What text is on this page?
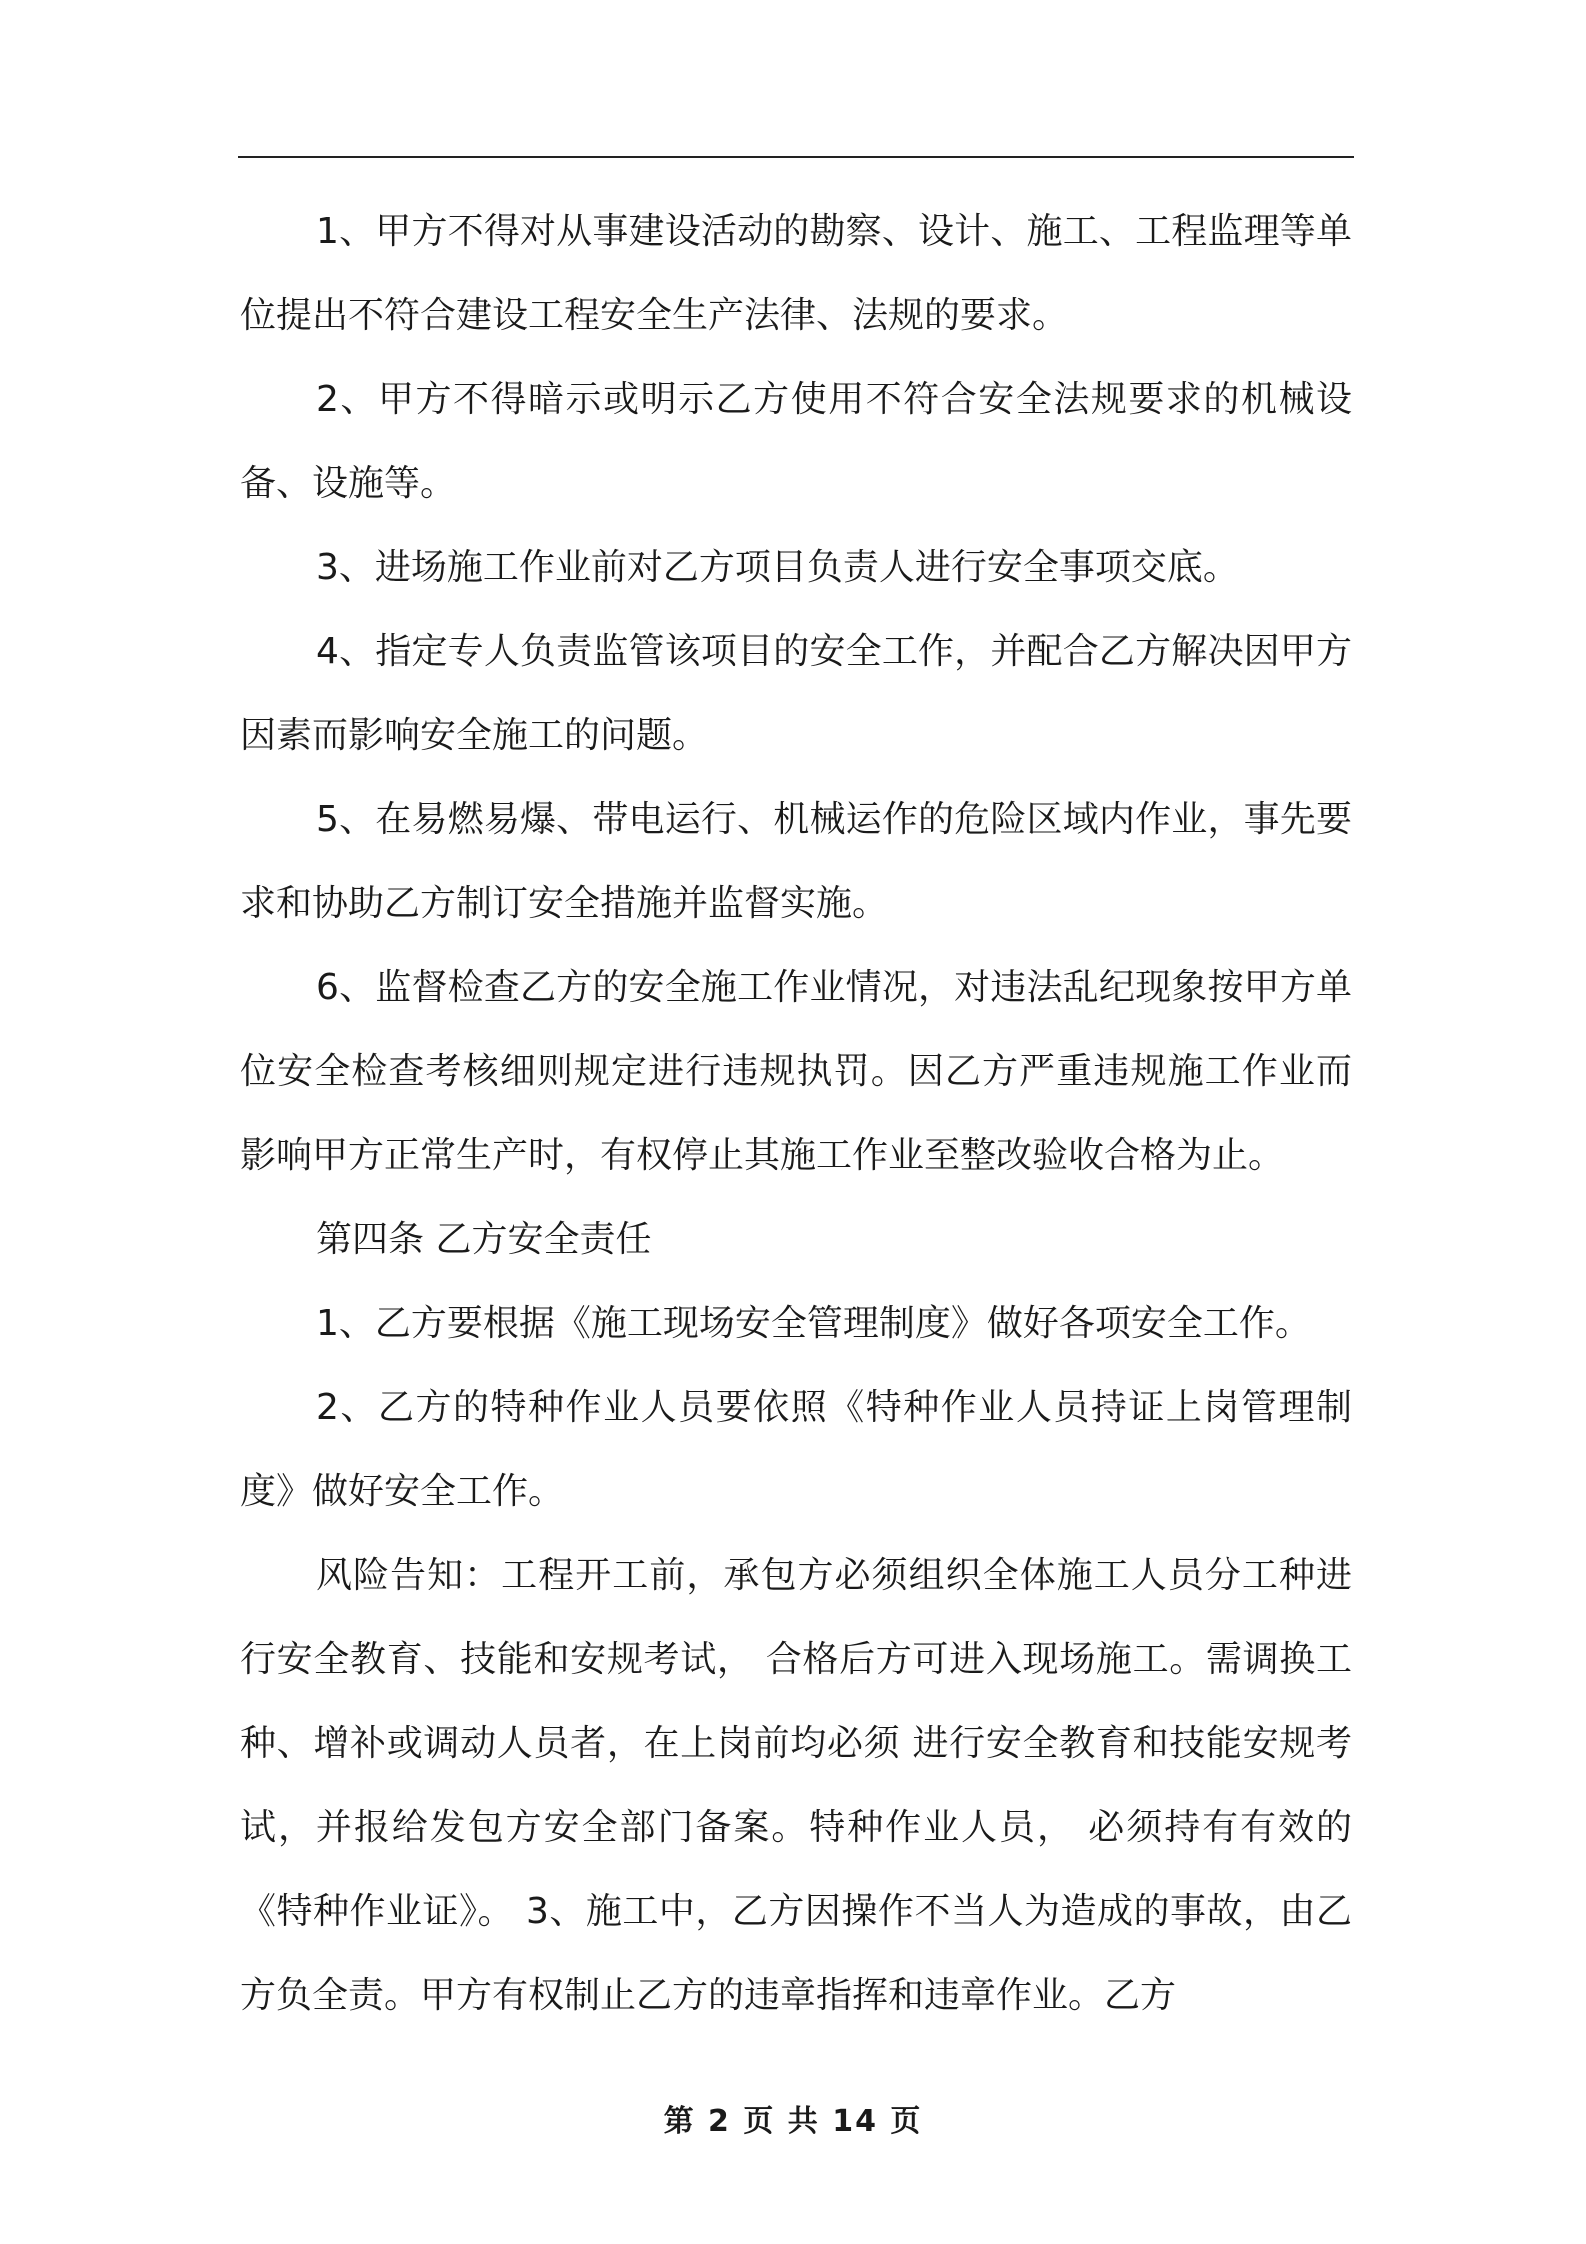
1、甲方不得对从事建设活动的勘察、设计、施工、工程监理等单位提出不符合建设工程安全生产法律、法规的要求。

2、甲方不得暗示或明示乙方使用不符合安全法规要求的机械设备、设施等。

3、进场施工作业前对乙方项目负责人进行安全事项交底。

4、指定专人负责监管该项目的安全工作，并配合乙方解决因甲方因素而影响安全施工的问题。

5、在易燃易爆、带电运行、机械运作的危险区域内作业，事先要求和协助乙方制订安全措施并监督实施。

6、监督检查乙方的安全施工作业情况，对违法乱纪现象按甲方单位安全检查考核细则规定进行违规执罚。因乙方严重违规施工作业而影响甲方正常生产时，有权停止其施工作业至整改验收合格为止。

第四条 乙方安全责任

1、乙方要根据《施工现场安全管理制度》做好各项安全工作。

2、乙方的特种作业人员要依照《特种作业人员持证上岗管理制度》做好安全工作。

风险告知：工程开工前，承包方必须组织全体施工人员分工种进行安全教育、技能和安规考试， 合格后方可进入现场施工。需调换工种、增补或调动人员者，在上岗前均必须 进行安全教育和技能安规考试，并报给发包方安全部门备案。特种作业人员， 必须持有有效的《特种作业证》。 3、施工中，乙方因操作不当人为造成的事故，由乙方负全责。甲方有权制止乙方的违章指挥和违章作业。乙方

第 2 页 共 14 页
